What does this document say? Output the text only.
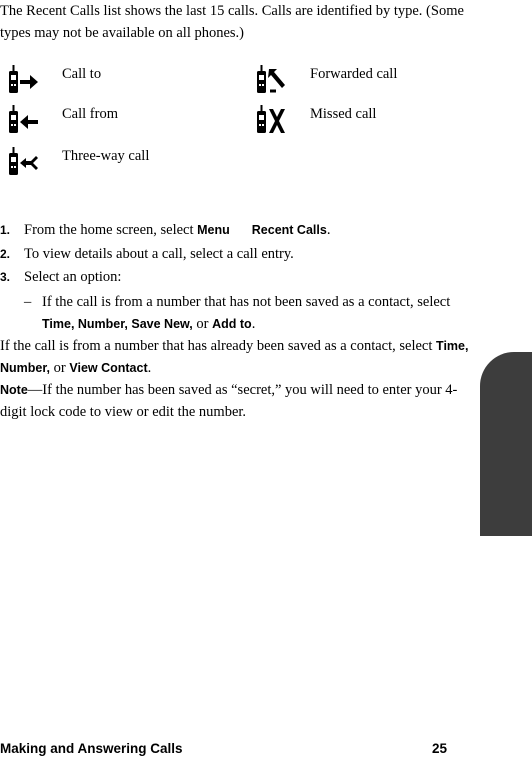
The Recent Calls list shows the last 15 calls. Calls are identified by type. (Some types may not be available on all phones.)
Call to	Forwarded call
Call from	Missed call
Three-way call
1. From the home screen, select Menu Recent Calls.
2. To view details about a call, select a call entry.
3. Select an option:
– If the call is from a number that has not been saved as a contact, select Time, Number, Save New, or Add to.
If the call is from a number that has already been saved as a contact, select Time, Number, or View Contact.
Note—If the number has been saved as “secret,” you will need to enter your 4-digit lock code to view or edit the number.
Making and Answering Calls	25
